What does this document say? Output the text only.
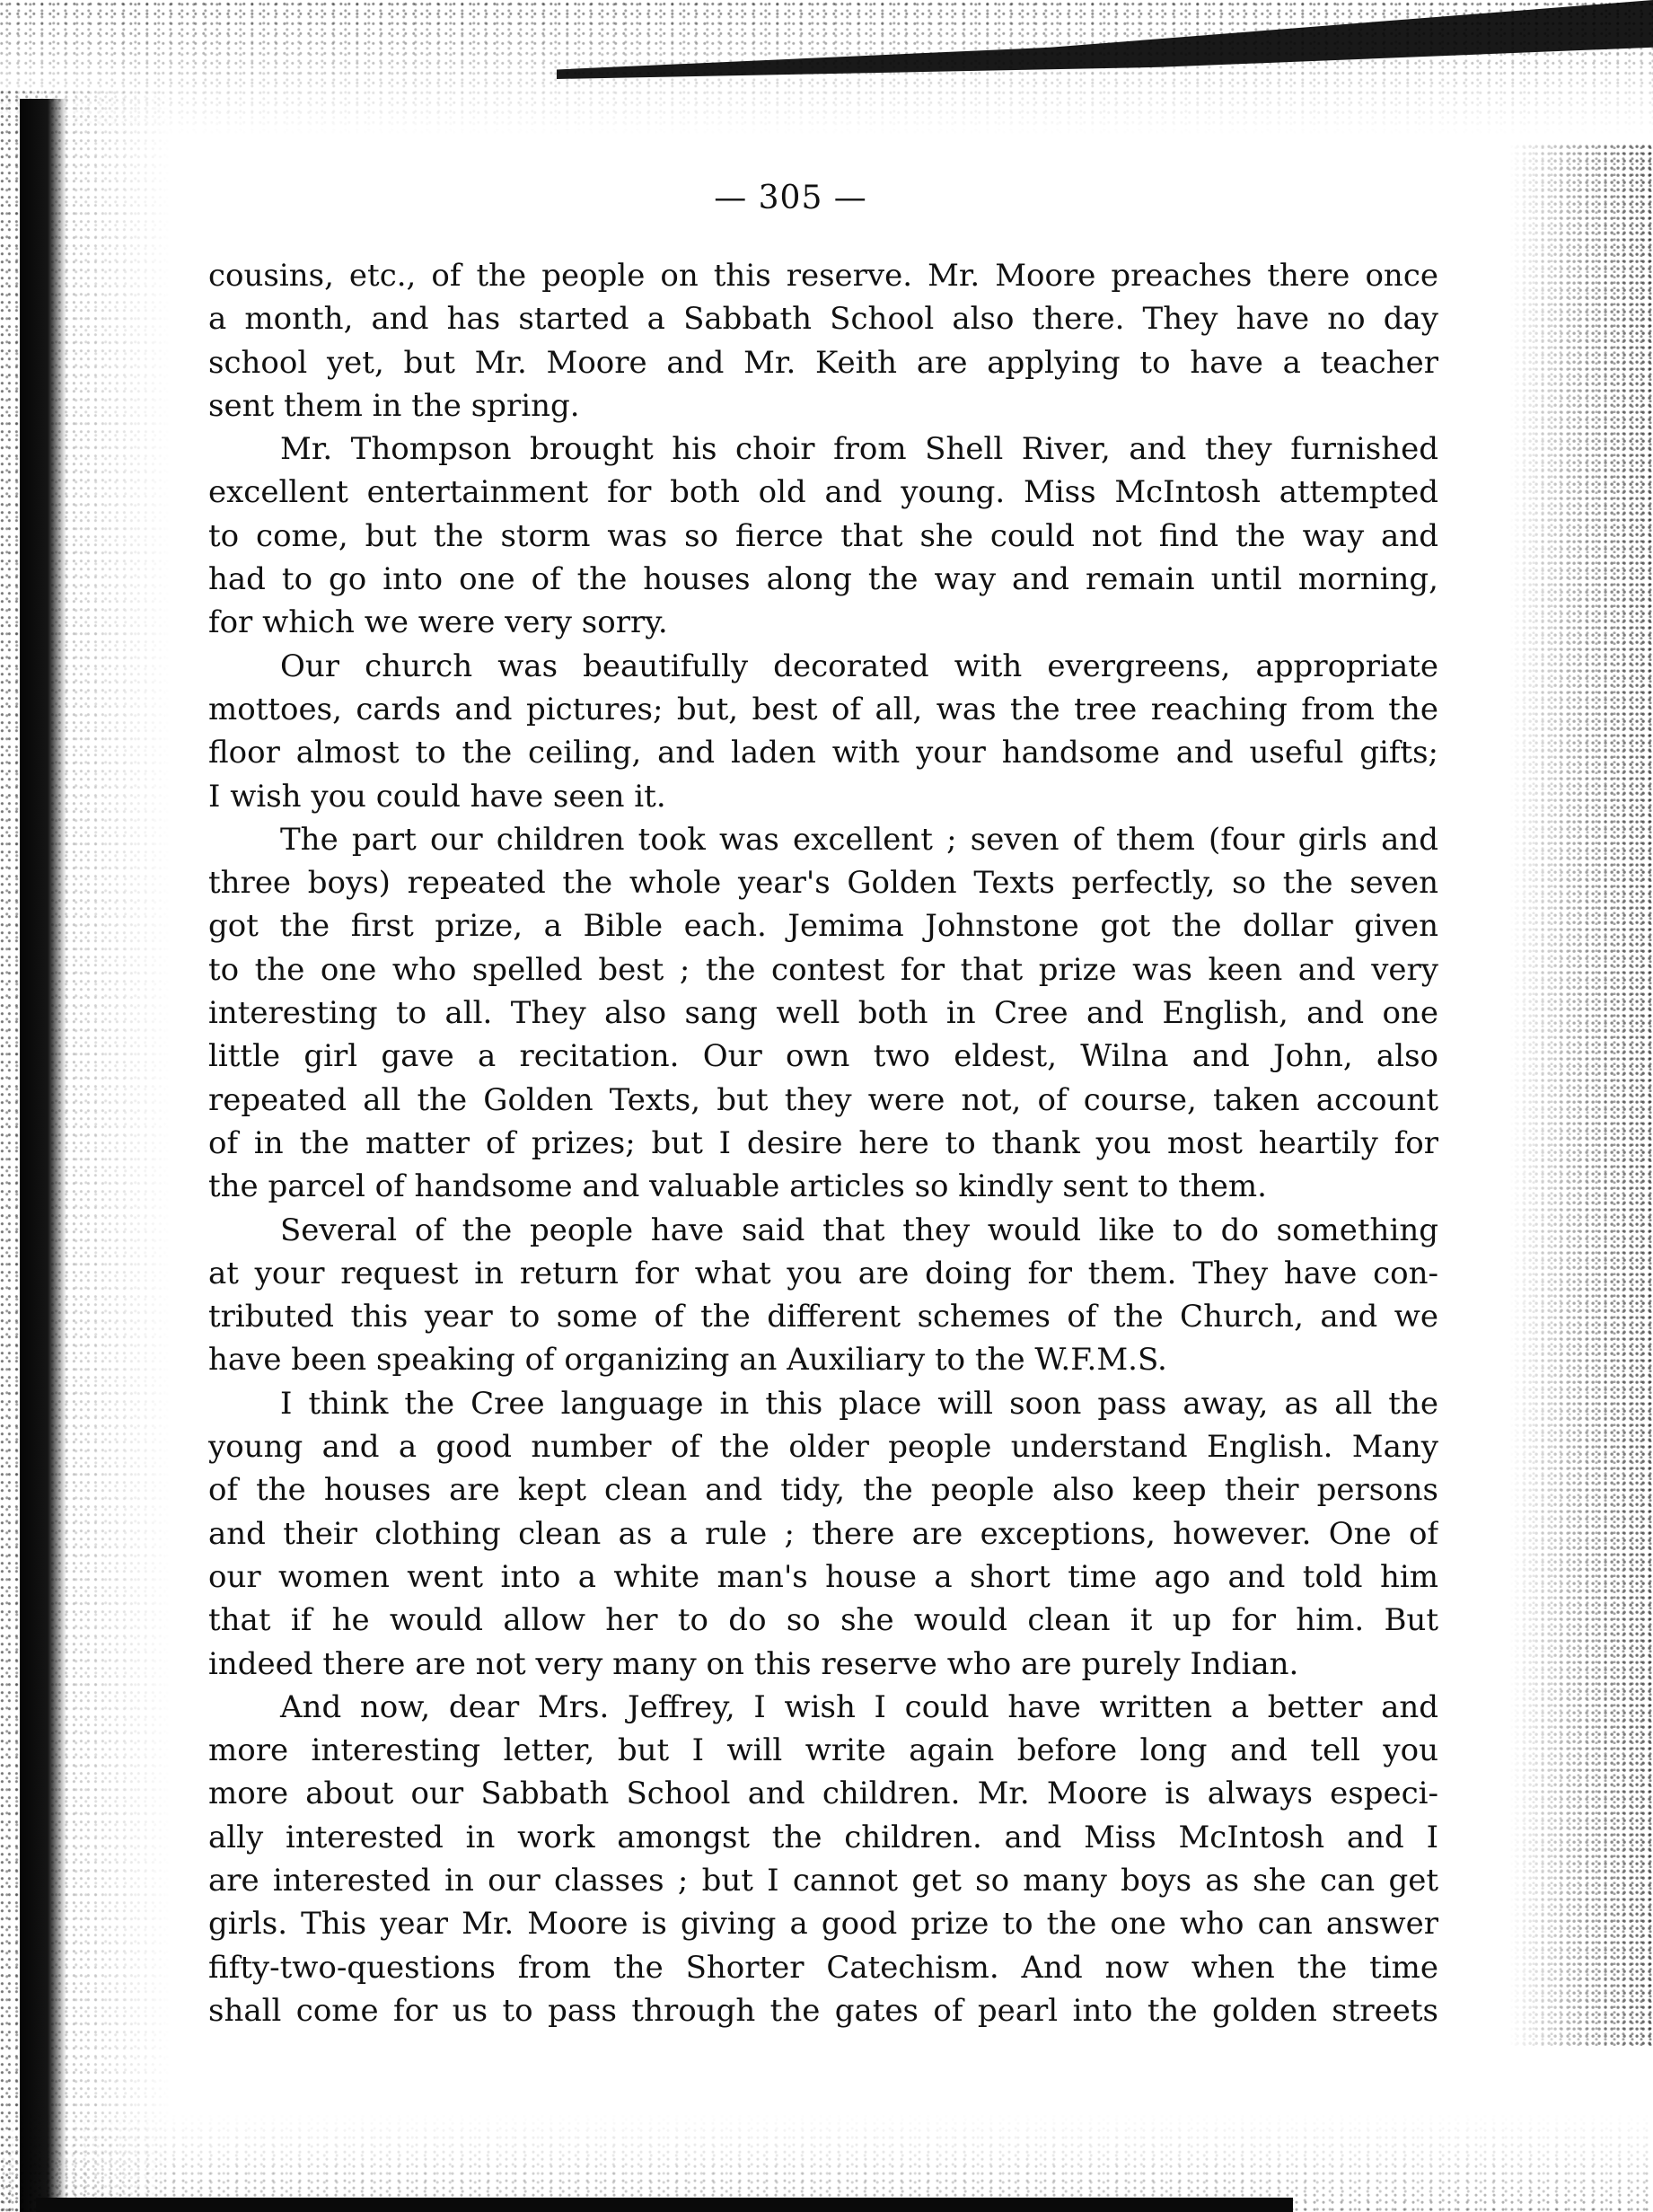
— 305 —
cousins, etc., of the people on this reserve. Mr. Moore preaches there once
a month, and has started a Sabbath School also there. They have no day
school yet, but Mr. Moore and Mr. Keith are applying to have a teacher
sent them in the spring.
Mr. Thompson brought his choir from Shell River, and they furnished
excellent entertainment for both old and young. Miss McIntosh attempted
to come, but the storm was so fierce that she could not find the way and
had to go into one of the houses along the way and remain until morning,
for which we were very sorry.
Our church was beautifully decorated with evergreens, appropriate
mottoes, cards and pictures; but, best of all, was the tree reaching from the
floor almost to the ceiling, and laden with your handsome and useful gifts;
I wish you could have seen it.
The part our children took was excellent ; seven of them (four girls and
three boys) repeated the whole year's Golden Texts perfectly, so the seven
got the first prize, a Bible each. Jemima Johnstone got the dollar given
to the one who spelled best ; the contest for that prize was keen and very
interesting to all. They also sang well both in Cree and English, and one
little girl gave a recitation. Our own two eldest, Wilna and John, also
repeated all the Golden Texts, but they were not, of course, taken account
of in the matter of prizes; but I desire here to thank you most heartily for
the parcel of handsome and valuable articles so kindly sent to them.
Several of the people have said that they would like to do something
at your request in return for what you are doing for them. They have con-
tributed this year to some of the different schemes of the Church, and we
have been speaking of organizing an Auxiliary to the W.F.M.S.
I think the Cree language in this place will soon pass away, as all the
young and a good number of the older people understand English. Many
of the houses are kept clean and tidy, the people also keep their persons
and their clothing clean as a rule ; there are exceptions, however. One of
our women went into a white man's house a short time ago and told him
that if he would allow her to do so she would clean it up for him. But
indeed there are not very many on this reserve who are purely Indian.
And now, dear Mrs. Jeffrey, I wish I could have written a better and
more interesting letter, but I will write again before long and tell you
more about our Sabbath School and children. Mr. Moore is always especi-
ally interested in work amongst the children. and Miss McIntosh and I
are interested in our classes ; but I cannot get so many boys as she can get
girls. This year Mr. Moore is giving a good prize to the one who can answer
fifty-two-questions from the Shorter Catechism. And now when the time
shall come for us to pass through the gates of pearl into the golden streets
